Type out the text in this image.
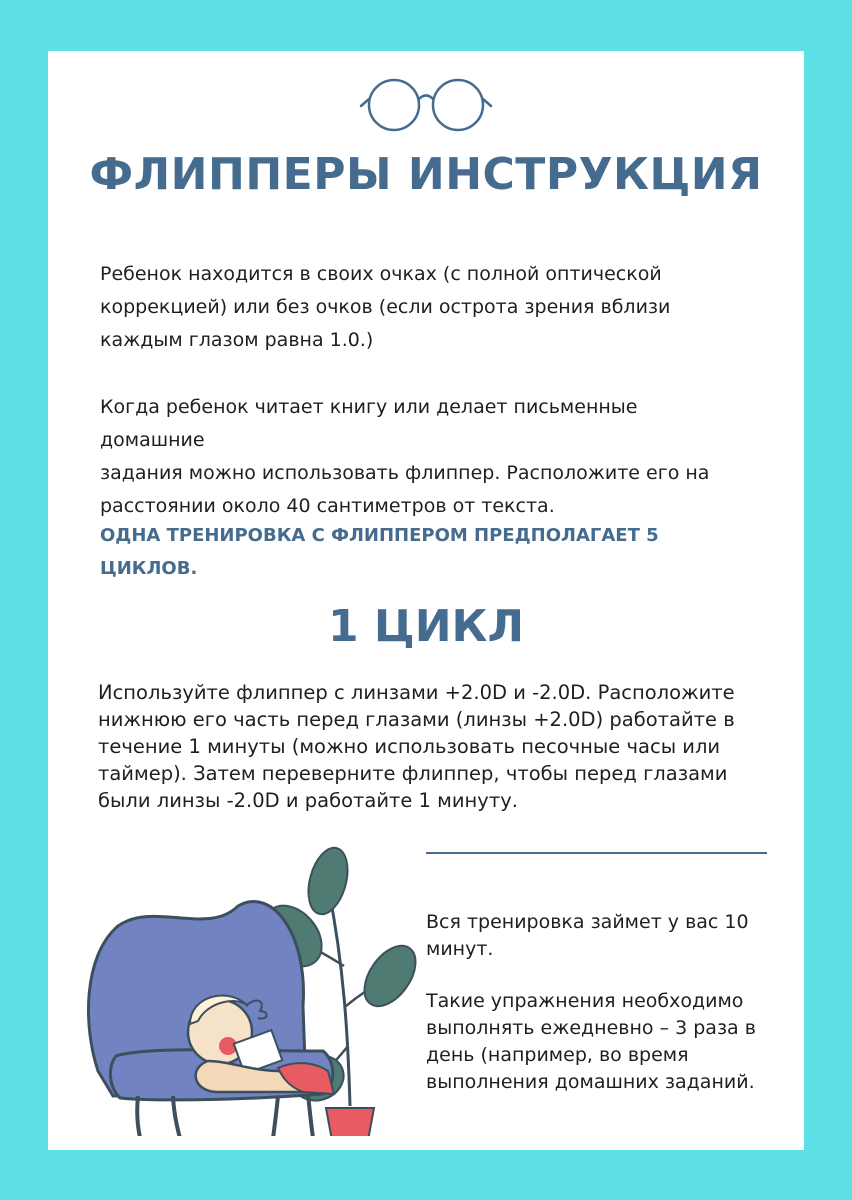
ФЛИППЕРЫ ИНСТРУКЦИЯ

Ребенок находится в своих очках (с полной оптической
коррекцией) или без очков (если острота зрения вблизи
каждым глазом равна 1.0.)

Когда ребенок читает книгу или делает письменные домашние
задания можно использовать флиппер. Расположите его на
расстоянии около 40 сантиметров от текста.

ОДНА ТРЕНИРОВКА С ФЛИППЕРОМ ПРЕДПОЛАГАЕТ 5
ЦИКЛОВ.

1 ЦИКЛ

Используйте флиппер с линзами +2.0D и -2.0D. Расположите
нижнюю его часть перед глазами (линзы +2.0D) работайте в
течение 1 минуты (можно использовать песочные часы или
таймер). Затем переверните флиппер, чтобы перед глазами
были линзы -2.0D и работайте 1 минуту.

Вся тренировка займет у вас 10
минут.

Такие упражнения необходимо
выполнять ежедневно – 3 раза в
день (например, во время
выполнения домашних заданий.
